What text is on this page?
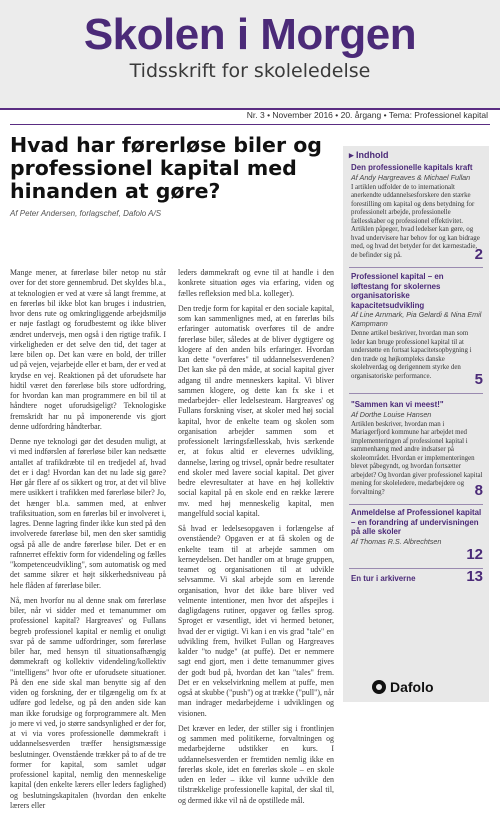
Skolen i Morgen
Tidsskrift for skoleledelse
Nr. 3 • November 2016 • 20. årgang • Tema: Professionel kapital
Hvad har førerløse biler og professionel kapital med hinanden at gøre?
Af Peter Andersen, forlagschef, Dafolo A/S

Mange mener, at førerløse biler netop nu står over for det store gennembrud. Det skyldes bl.a., at teknologien er ved at være så langt fremme, at en førerløs bil ikke blot kan bruges i industrien, hvor dens rute og omkringliggende arbejdsmiljø er nøje fastlagt og forudbestemt og ikke bliver ændret undervejs, men også i den rigtige trafik. I virkeligheden er det selve den tid, det tager at lære bilen op. Det kan være en bold, der triller ud på vejen, vejarbejde eller et barn, der er ved at krydse en vej. Reaktionen på det uforudsete har hidtil været den førerløse bils store udfordring, for hvordan kan man programmere en bil til at håndtere noget uforudsigeligt? Teknologiske fremskridt har nu på imponerende vis gjort denne udfordring håndterbar.

Denne nye teknologi gør det desuden muligt, at vi med indførslen af førerløse biler kan nedsætte antallet af trafikdræbte til en tredjedel af, hvad det er i dag! Hvordan kan det nu lade sig gøre? Hør går flere af os sikkert og tror, at det vil blive mere usikkert i trafikken med førerløse biler? Jo, det hænger bl.a. sammen med, at enhver trafiksituation, som en førerløs bil er involveret i, lagres. Denne lagring finder ikke kun sted på den involverede førerløse bil, men den sker samtidig også på alle de andre førerløse biler. Det er en rafnnerret effektiv form for videndeling og fælles "kompetenceudvikling", som automatisk og med det samme sikrer et højt sikkerhedsniveau på hele flåden af førerløse biler.

Nå, men hvorfor nu al denne snak om førerløse biler, når vi sidder med et temanummer om professionel kapital? Hargreaves' og Fullans begreb professionel kapital er nemlig et onuligt svar på de samme udfordringer, som førerløse biler har, med hensyn til situationsafhængig dømmekraft og kollektiv videndeling/kollektiv "intelligens" hvor ofte er uforudsete situationer. På den ene side skal man benytte sig af den viden og forskning, der er tilgængelig om fx at udføre god ledelse, og på den anden side kan man ikke forudsige og forprogrammere alt. Men jo mere vi ved, jo større sandsynlighed er der for, at vi via vores professionelle dømmekraft i uddannelsesverden træffer hensigtsmæssige beslutninger. Ovenstående trækker på to af de tre former for kapital, som samlet udgør professionel kapital, nemlig den menneskelige kapital (den enkelte lærers eller leders faglighed) og beslutningskapitalen (hvordan den enkelte lærers eller

leders dømmekraft og evne til at handle i den konkrete situation øges via erfaring, viden og fælles refleksion med bl.a. kolleger).

Den tredje form for kapital er den sociale kapital, som kan sammenlignes med, at en førerløs bils erfaringer automatisk overføres til de andre førerløse biler, således at de bliver dygtigere og klogere af den anden bils erfaringer. Hvordan kan dette "overføres" til uddannelsesverdenen? Det kan ske på den måde, at social kapital giver adgang til andre menneskers kapital. Vi bliver sammen klogere, og dette kan fx ske i et medarbejder- eller ledelsesteam. Hargreaves' og Fullans forskning viser, at skoler med høj social kapital, hvor de enkelte team og skolen som organisation arbejder sammen som et professionelt læringsfællesskab, hvis særkende er, at fokus altid er elevernes udvikling, dannelse, læring og trivsel, opnår bedre resultater end skoler med lavere social kapital. Det giver bedre elevresultater at have en høj kollektiv social kapital på en skole end en række lærere mv. med høj menneskelig kapital, men mangelfuld social kapital.

Så hvad er ledelsesopgaven i forlængelse af ovenstående? Opgaven er at få skolen og de enkelte team til at arbejde sammen om kerneydelsen. Det handler om at bruge gruppen, teamet og organisationen til at udvikle selvsamme. Vi skal arbejde som en lærende organisation, hvor det ikke bare bliver ved velmente intentioner, men hvor det afspejles i dagligdagens rutiner, opgaver og fælles sprog. Sproget er væsentligt, idet vi hermed betoner, hvad der er vigtigt. Vi kan i en vis grad "tale" en udvikling frem, hvilket Fullan og Hargreaves kalder "to nudge" (at puffe). Det er nemmere sagt end gjort, men i dette temanummer gives der godt bud på, hvordan det kan "tales" frem. Det er en vekselvirkning mellem at puffe, men også at skubbe ("push") og at trække ("pull"), når man indrager medarbejderne i udviklingen og visionen.

Det kræver en leder, der stiller sig i frontlinjen og sammen med politikerne, forvaltningen og medarbejderne udstikker en kurs. I uddannelsesverden er fremtiden nemlig ikke en førerløs skole, idet en førerløs skole – en skole uden en leder – ikke vil kunne udvikle den tilstrækkelige professionelle kapital, der skal til, og dermed ikke vil nå de opstillede mål.

▸ Indhold
Den professionelle kapitals kraft
Af Andy Hargreaves & Michael Fullan
I artiklen udfolder de to internationalt anerkendte uddannelsesforskere den stærke forestilling om kapital og dens betydning for professionelt arbejde, professionelle fællesskaber og professionel effektivitet. Artiklen påpeger, hvad ledelser kan gøre, og hvad undervisere har behov for og kan bidrage med, og hvad det betyder for det kærnestadie, de befinder sig på.	2
Professionel kapital – en løftestang for skolernes organisatoriske kapacitetsudvikling
Af Line Arnmark, Pia Gelardi & Nina Emil Kampmann
Denne artikel beskriver, hvordan man som leder kan bruge professionel kapital til at understøtte en fortsat kapacitetsopbygning i den træde og højkompleks danske skolehverdag og derigennem styrke den organisatoriske performance.	5
"Sammen kan vi meest!"
Af Dorthe Louise Hansen
Artiklen beskriver, hvordan man i Mariagerfjord kommune har arbejdet med implementeringen af professionel kapital i sammenhæng med andre indsatser på skoleområdet. Hvordan er implementeringen blevet påbegyndt, og hvordan fortsætter arbejdet? Og hvordan giver professionel kapital mening for skoleledere, medarbejdere og forvaltning?	8
Anmeldelse af Professionel kapital – en forandring af undervisningen på alle skoler
Af Thomas R.S. Albrechtsen
12
En tur i arkiverne	13
Dafolo
